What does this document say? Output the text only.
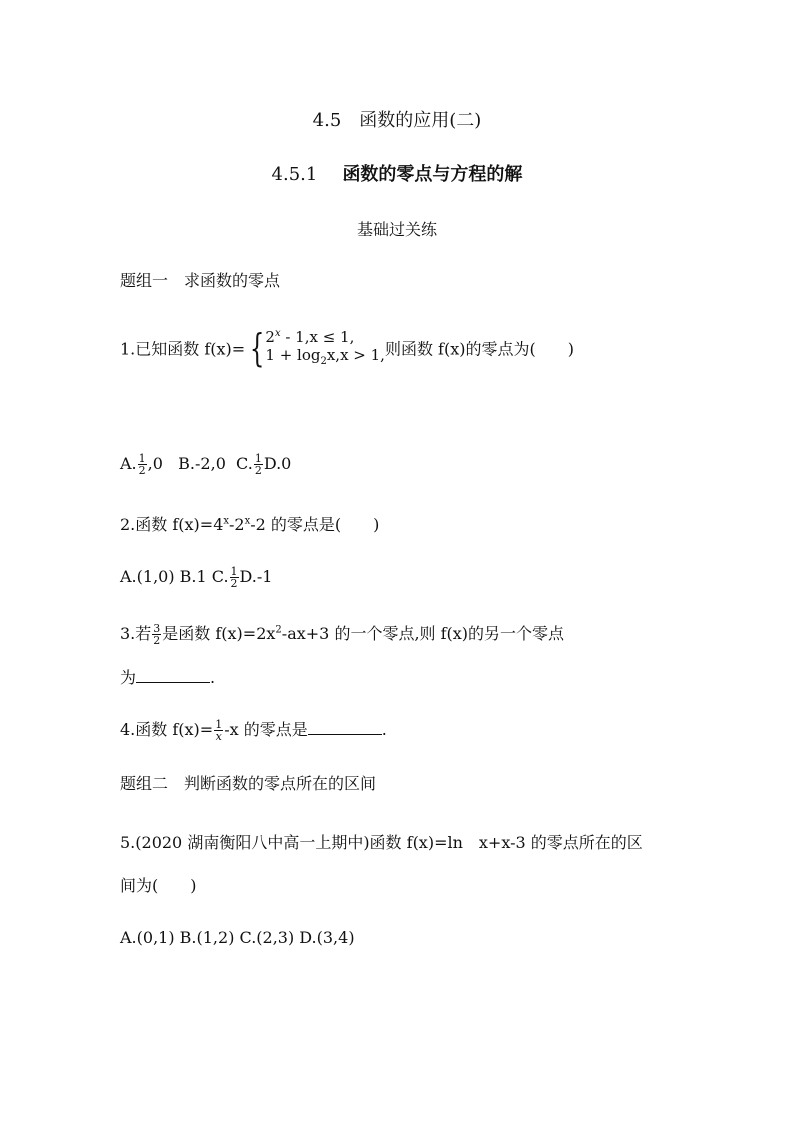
4.5　函数的应用(二)
4.5.1 函数的零点与方程的解
基础过关练
题组一　求函数的零点
1.已知函数 f(x)= { 2$^x$ - 1,x ≤ 1,
$1 + \log_2x,x > 1$, 则函数 f(x)的零点为(　　)
A. $\frac{1}{2} ,0$ B.-2,0 C. $\frac{1}{2} D.0$
2.函数 $f(x)=4^x-2^x-2$ 的零点是(　　)
A.(1,0) B.1 C. $\frac{1}{2} D.-1$
3.若 $\frac{3}{2}$ 是函数 $f(x)=2x^2-ax+3$ 的一个零点,则 f(x)的另一个零点
为	.
4.函数 $f(x)= \frac{1}{x} -x$ 的零点是	.
题组二　判断函数的零点所在的区间
5.(2020 湖南衡阳八中高一上期中)函数 f(x)=ln　x+x-3 的零点所在的区
间为(　　)
A.(0,1) B.(1,2) C.(2,3) D.(3,4)
